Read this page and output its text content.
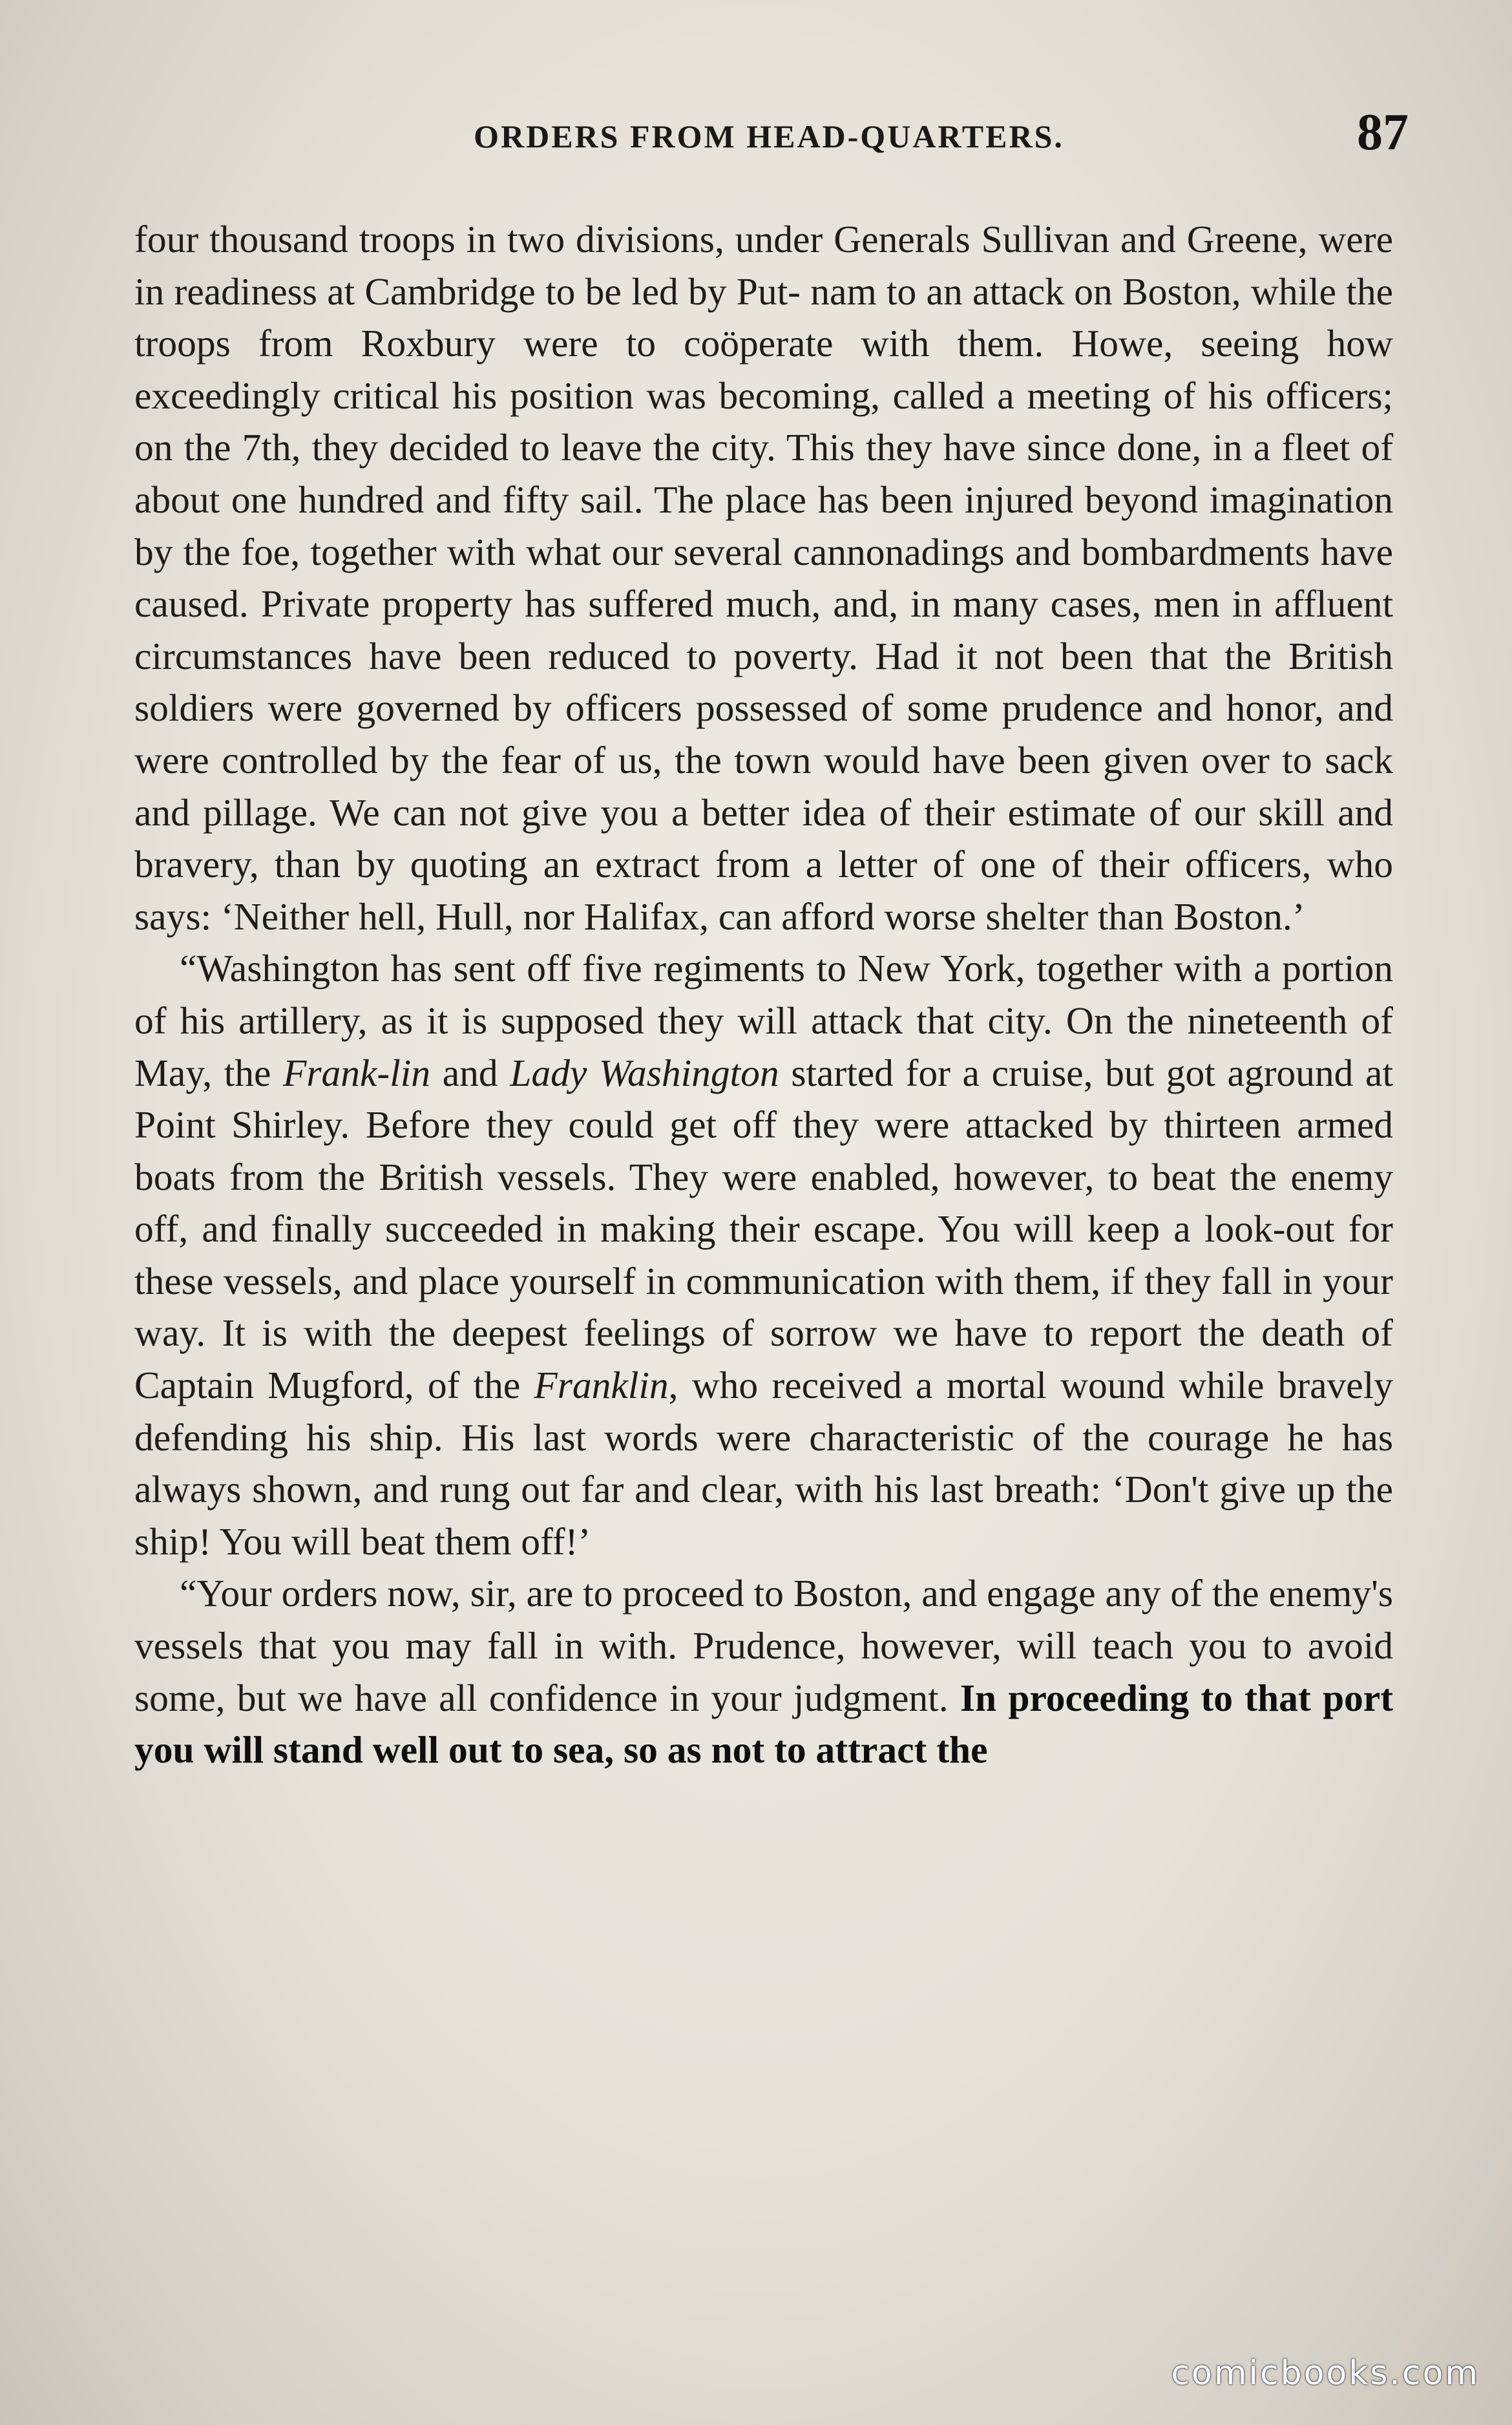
ORDERS FROM HEAD-QUARTERS.	87

four thousand troops in two divisions, under Generals Sullivan and Greene, were in readiness at Cambridge to be led by Put- nam to an attack on Boston, while the troops from Roxbury were to coöperate with them. Howe, seeing how exceedingly critical his position was becoming, called a meeting of his officers; on the 7th, they decided to leave the city. This they have since done, in a fleet of about one hundred and fifty sail. The place has been injured beyond imagination by the foe, together with what our several cannonadings and bombardments have caused. Private property has suffered much, and, in many cases, men in affluent circumstances have been reduced to poverty. Had it not been that the British soldiers were governed by officers possessed of some prudence and honor, and were controlled by the fear of us, the town would have been given over to sack and pillage. We can not give you a better idea of their estimate of our skill and bravery, than by quoting an extract from a letter of one of their officers, who says: ‘Neither hell, Hull, nor Halifax, can afford worse shelter than Boston.’

“Washington has sent off five regiments to New York, together with a portion of his artillery, as it is supposed they will attack that city. On the nineteenth of May, the Frank-lin and Lady Washington started for a cruise, but got aground at Point Shirley. Before they could get off they were attacked by thirteen armed boats from the British vessels. They were enabled, however, to beat the enemy off, and finally succeeded in making their escape. You will keep a look-out for these vessels, and place yourself in communication with them, if they fall in your way. It is with the deepest feelings of sorrow we have to report the death of Captain Mugford, of the Franklin, who received a mortal wound while bravely defending his ship. His last words were characteristic of the courage he has always shown, and rung out far and clear, with his last breath: ‘Don't give up the ship! You will beat them off!’

“Your orders now, sir, are to proceed to Boston, and engage any of the enemy's vessels that you may fall in with. Prudence, however, will teach you to avoid some, but we have all confidence in your judgment. In proceeding to that port you will stand well out to sea, so as not to attract the

comicbooks.com
